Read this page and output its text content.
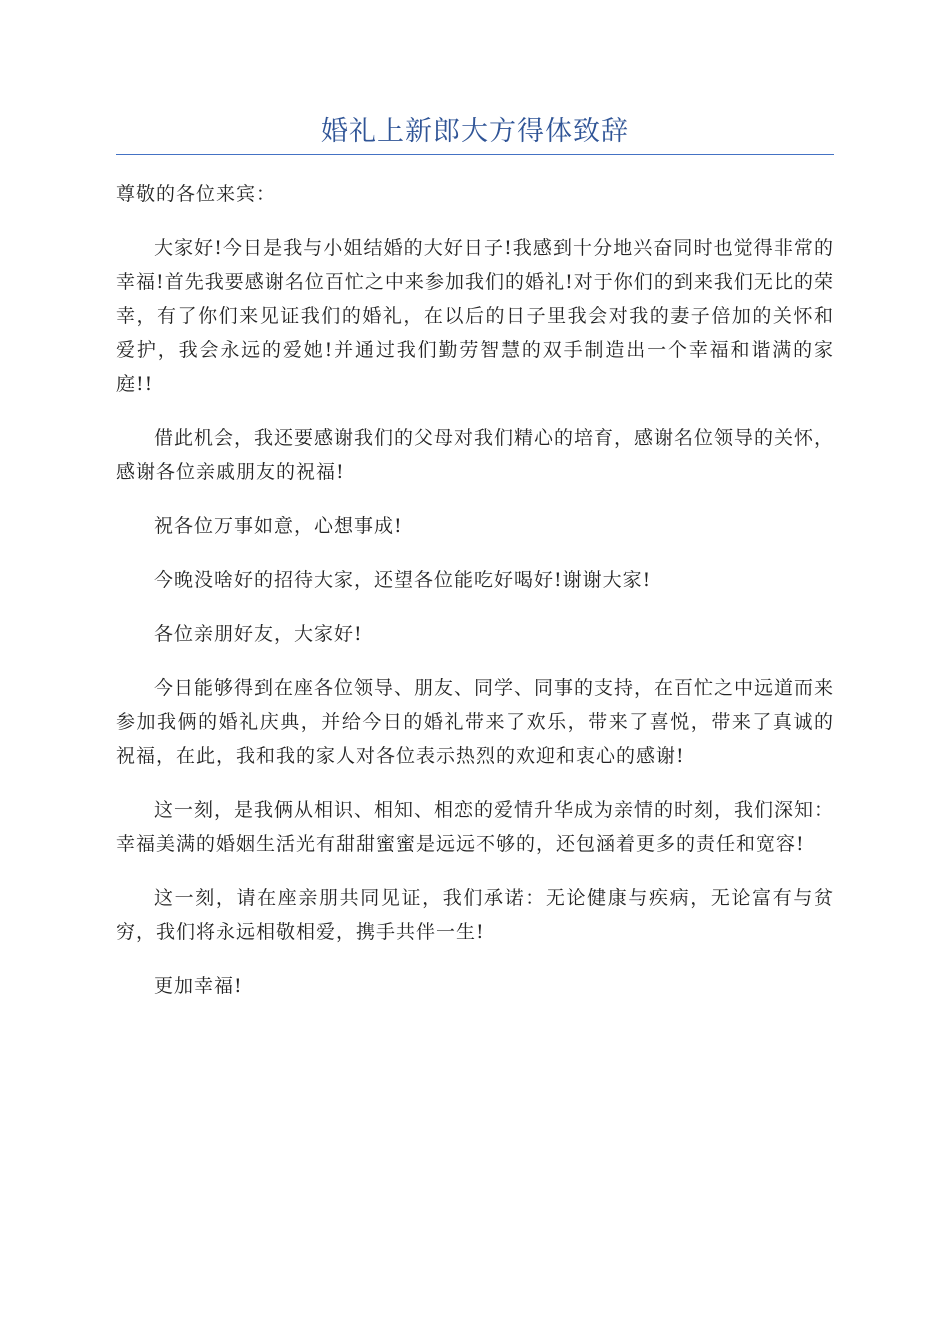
婚礼上新郎大方得体致辞

尊敬的各位来宾：

大家好!今日是我与小姐结婚的大好日子!我感到十分地兴奋同时也觉得非常的幸福!首先我要感谢名位百忙之中来参加我们的婚礼!对于你们的到来我们无比的荣幸，有了你们来见证我们的婚礼，在以后的日子里我会对我的妻子倍加的关怀和爱护，我会永远的爱她!并通过我们勤劳智慧的双手制造出一个幸福和谐满的家庭!!

借此机会，我还要感谢我们的父母对我们精心的培育，感谢名位领导的关怀，感谢各位亲戚朋友的祝福!

祝各位万事如意，心想事成!

今晚没啥好的招待大家，还望各位能吃好喝好!谢谢大家!

各位亲朋好友，大家好!

今日能够得到在座各位领导、朋友、同学、同事的支持，在百忙之中远道而来参加我俩的婚礼庆典，并给今日的婚礼带来了欢乐，带来了喜悦，带来了真诚的祝福，在此，我和我的家人对各位表示热烈的欢迎和衷心的感谢!

这一刻，是我俩从相识、相知、相恋的爱情升华成为亲情的时刻，我们深知：幸福美满的婚姻生活光有甜甜蜜蜜是远远不够的，还包涵着更多的责任和宽容!

这一刻，请在座亲朋共同见证，我们承诺：无论健康与疾病，无论富有与贫穷，我们将永远相敬相爱，携手共伴一生!

更加幸福!
